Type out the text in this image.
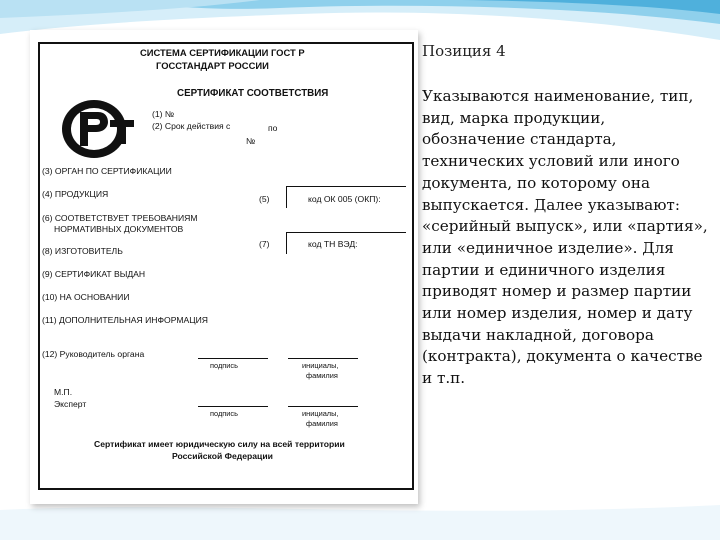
СИСТЕМА СЕРТИФИКАЦИИ ГОСТ Р
ГОССТАНДАРТ РОССИИ
СЕРТИФИКАТ СООТВЕТСТВИЯ
(1) №
(2) Срок действия с	по
№
(3) ОРГАН ПО СЕРТИФИКАЦИИ
(4) ПРОДУКЦИЯ	(5)	код ОК 005 (ОКП):
(6) СООТВЕТСТВУЕТ ТРЕБОВАНИЯМ
НОРМАТИВНЫХ ДОКУМЕНТОВ
(7)	код ТН ВЭД:
(8) ИЗГОТОВИТЕЛЬ
(9) СЕРТИФИКАТ ВЫДАН
(10) НА ОСНОВАНИИ
(11) ДОПОЛНИТЕЛЬНАЯ ИНФОРМАЦИЯ
(12) Руководитель органа
подпись	инициалы,
фамилия
М.П.
Эксперт
подпись	инициалы,
фамилия
Сертификат имеет юридическую силу на всей территории
Российской Федерации
Позиция 4
Указываются наименование, тип, вид, марка продукции, обозначение стандарта, технических условий или иного документа, по которому она выпускается. Далее указывают: «серийный выпуск», или «партия», или «единичное изделие». Для партии и единичного изделия приводят номер и размер партии или номер изделия, номер и дату выдачи накладной, договора (контракта), документа о качестве и т.п.
